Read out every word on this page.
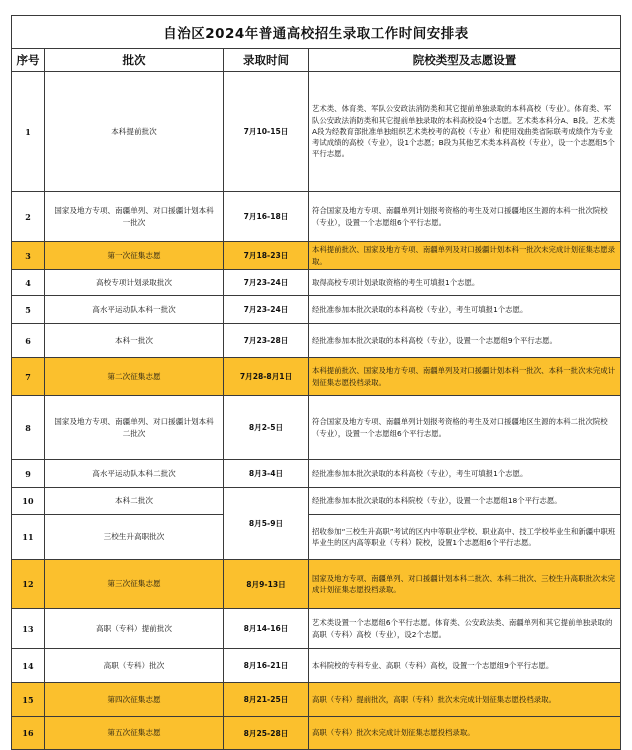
自治区2024年普通高校招生录取工作时间安排表			
序号	批次	录取时间	院校类型及志愿设置
1	本科提前批次	7月10-15日	艺术类、体育类、军队公安政法消防类和其它提前单独录取的本科高校（专业）。体育类、军队公安政法消防类和其它提前单独录取的本科高校设4个志愿。艺术类本科分A、B段。艺术类A段为经教育部批准单独组织艺术类校考的高校（专业）和使用戏曲类省际联考成绩作为专业考试成绩的高校（专业），设1个志愿；B段为其他艺术类本科高校（专业），设一个志愿组5个平行志愿。
2	国家及地方专项、南疆单列、对口援疆计划本科一批次	7月16-18日	符合国家及地方专项、南疆单列计划报考资格的考生及对口援疆地区生源的本科一批次院校（专业），设置一个志愿组6个平行志愿。
3	第一次征集志愿	7月18-23日	本科提前批次、国家及地方专项、南疆单列及对口援疆计划本科一批次未完成计划征集志愿录取。
4	高校专项计划录取批次	7月23-24日	取得高校专项计划录取资格的考生可填报1个志愿。
5	高水平运动队本科一批次	7月23-24日	经批准参加本批次录取的本科高校（专业），考生可填报1个志愿。
6	本科一批次	7月23-28日	经批准参加本批次录取的本科高校（专业），设置一个志愿组9个平行志愿。
7	第二次征集志愿	7月28-8月1日	本科提前批次、国家及地方专项、南疆单列及对口援疆计划本科一批次、本科一批次未完成计划征集志愿投档录取。
8	国家及地方专项、南疆单列、对口援疆计划本科二批次	8月2-5日	符合国家及地方专项、南疆单列计划报考资格的考生及对口援疆地区生源的本科二批次院校（专业），设置一个志愿组6个平行志愿。
9	高水平运动队本科二批次	8月3-4日	经批准参加本批次录取的本科高校（专业），考生可填报1个志愿。
10	本科二批次	8月5-9日	经批准参加本批次录取的本科院校（专业），设置一个志愿组18个平行志愿。
11	三校生升高职批次		招收参加“三校生升高职”考试的区内中等职业学校、职业高中、技工学校毕业生和新疆中职班毕业生的区内高等职业（专科）院校，设置1个志愿组6个平行志愿。
12	第三次征集志愿	8月9-13日	国家及地方专项、南疆单列、对口援疆计划本科二批次、本科二批次、三校生升高职批次未完成计划征集志愿投档录取。
13	高职（专科）提前批次	8月14-16日	艺术类设置一个志愿组6个平行志愿。体育类、公安政法类、南疆单列和其它提前单独录取的高职（专科）高校（专业），设2个志愿。
14	高职（专科）批次	8月16-21日	本科院校的专科专业、高职（专科）高校，设置一个志愿组9个平行志愿。
15	第四次征集志愿	8月21-25日	高职（专科）提前批次，高职（专科）批次未完成计划征集志愿投档录取。
16	第五次征集志愿	8月25-28日	高职（专科）批次未完成计划征集志愿投档录取。
